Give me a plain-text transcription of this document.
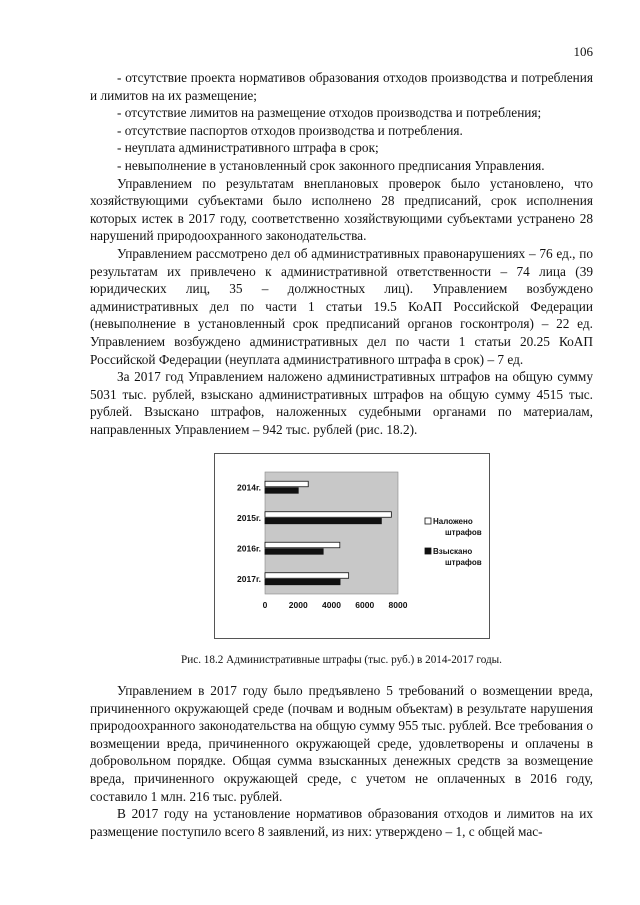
106

- отсутствие проекта нормативов образования отходов производства и потребления и лимитов на их размещение;

- отсутствие лимитов на размещение отходов производства и потребления;

- отсутствие паспортов отходов производства и потребления.

- неуплата административного штрафа в срок;

- невыполнение в установленный срок законного предписания Управления.

Управлением по результатам внеплановых проверок было установлено, что хозяйствующими субъектами было исполнено 28 предписаний, срок исполнения которых истек в 2017 году, соответственно хозяйствующими субъектами устранено 28 нарушений природоохранного законодательства.

Управлением рассмотрено дел об административных правонарушениях – 76 ед., по результатам их привлечено к административной ответственности – 74 лица (39 юридических лиц, 35 – должностных лиц). Управлением возбуждено административных дел по части 1 статьи 19.5 КоАП Российской Федерации (невыполнение в установленный срок предписаний органов госконтроля) – 22 ед. Управлением возбуждено административных дел по части 1 статьи 20.25 КоАП Российской Федерации (неуплата административного штрафа в срок) – 7 ед.

За 2017 год Управлением наложено административных штрафов на общую сумму 5031 тыс. рублей, взыскано административных штрафов на общую сумму 4515 тыс. рублей. Взыскано штрафов, наложенных судебными органами по материалам, направленных Управлением – 942 тыс. рублей (рис. 18.2).

2014г.
2015г.
2016г.
2017г.
0	2000 4000 6000 8000
Наложено
штрафов
Взыскано
штрафов
Рис. 18.2 Административные штрафы (тыс. руб.) в 2014-2017 годы.

Управлением в 2017 году было предъявлено 5 требований о возмещении вреда, причиненного окружающей среде (почвам и водным объектам) в результате нарушения природоохранного законодательства на общую сумму 955 тыс. рублей. Все требования о возмещении вреда, причиненного окружающей среде, удовлетворены и оплачены в добровольном порядке. Общая сумма взысканных денежных средств за возмещение вреда, причиненного окружающей среде, с учетом не оплаченных в 2016 году, составило 1 млн. 216 тыс. рублей.

В 2017 году на установление нормативов образования отходов и лимитов на их размещение поступило всего 8 заявлений, из них: утверждено – 1, с общей мас-
